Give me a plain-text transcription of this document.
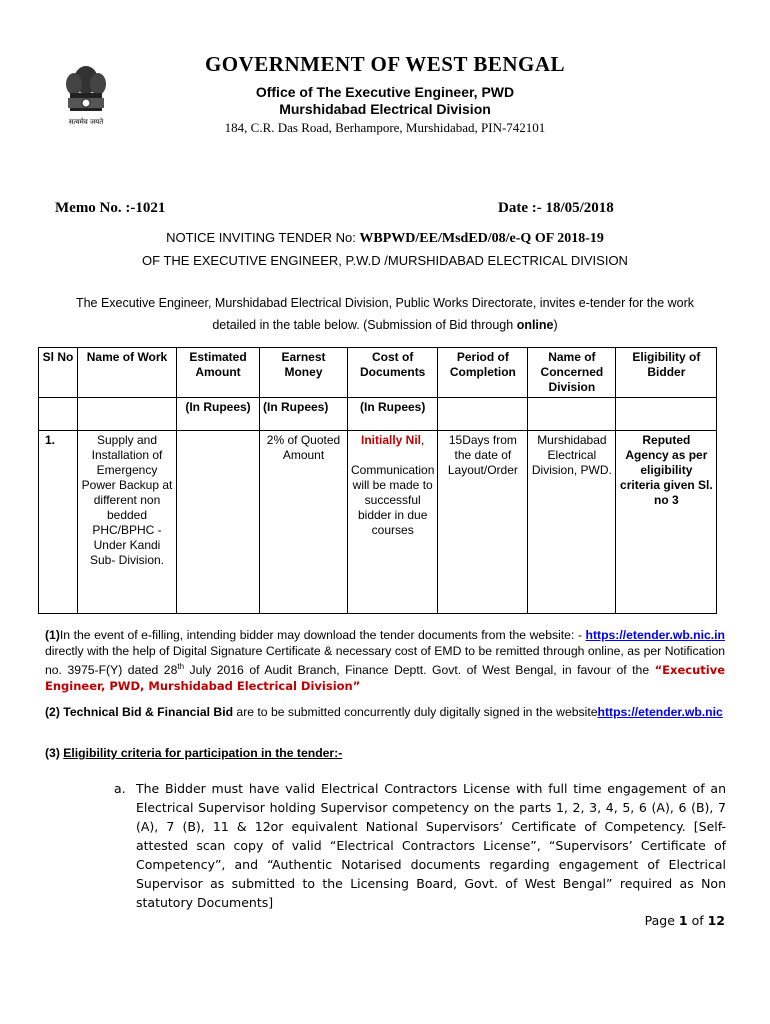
सत्यमेव जयते
GOVERNMENT OF WEST BENGAL
Office of The Executive Engineer, PWD
Murshidabad Electrical Division
184, C.R. Das Road, Berhampore, Murshidabad, PIN-742101
Memo No. :-1021	Date :- 18/05/2018
NOTICE INVITING TENDER No: WBPWD/EE/MsdED/08/e-Q OF 2018-19
OF THE EXECUTIVE ENGINEER, P.W.D /MURSHIDABAD ELECTRICAL DIVISION
The Executive Engineer, Murshidabad Electrical Division, Public Works Directorate, invites e-tender for the work
detailed in the table below. (Submission of Bid through online)
Sl No	Name of Work	Estimated Amount	Earnest Money	Cost of Documents	Period of Completion	Name of Concerned Division	Eligibility of Bidder
		(In Rupees)	(In Rupees)	(In Rupees)			
1.	Supply and Installation of Emergency Power Backup at different non bedded PHC/BPHC - Under Kandi Sub- Division.		2% of Quoted Amount	Initially Nil,

Communication will be made to successful bidder in due courses	15Days from the date of Layout/Order	Murshidabad Electrical Division, PWD.	Reputed Agency as per eligibility criteria given Sl. no 3
(1)In the event of e-filling, intending bidder may download the tender documents from the website: - https://etender.wb.nic.in directly with the help of Digital Signature Certificate & necessary cost of EMD to be remitted through online, as per Notification no. 3975-F(Y) dated 28th July 2016 of Audit Branch, Finance Deptt. Govt. of West Bengal, in favour of the “Executive Engineer, PWD, Murshidabad Electrical Division”
(2) Technical Bid & Financial Bid are to be submitted concurrently duly digitally signed in the websitehttps://etender.wb.nic
(3) Eligibility criteria for participation in the tender:-
a. The Bidder must have valid Electrical Contractors License with full time engagement of an Electrical Supervisor holding Supervisor competency on the parts 1, 2, 3, 4, 5, 6 (A), 6 (B), 7 (A), 7 (B), 11 & 12or equivalent National Supervisors’ Certificate of Competency. [Self-attested scan copy of valid “Electrical Contractors License”, “Supervisors’ Certificate of Competency”, and “Authentic Notarised documents regarding engagement of Electrical Supervisor as submitted to the Licensing Board, Govt. of West Bengal” required as Non statutory Documents]
Page 1 of 12
